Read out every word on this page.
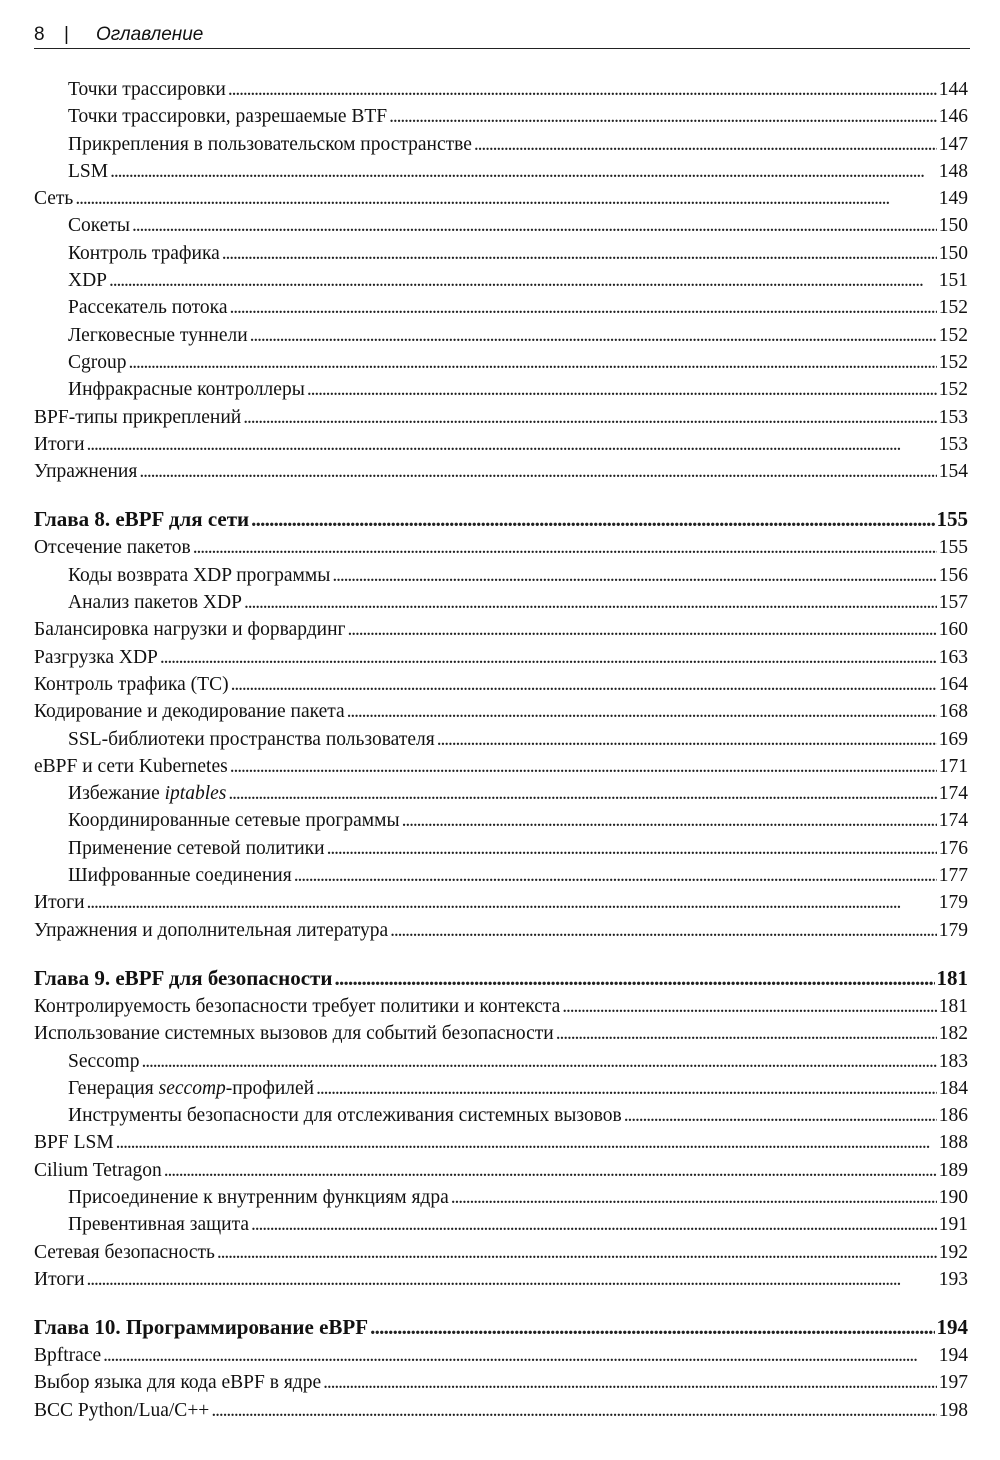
8 | Оглавление
Точки трассировки . . .	144
Точки трассировки, разрешаемые BTF . . .	146
Прикрепления в пользовательском пространстве . . .	147
LSM . . .	148
Сеть . . .	149
Сокеты . . .	150
Контроль трафика . . .	150
XDP . . .	151
Рассекатель потока . . .	152
Легковесные туннели . . .	152
Cgroup . . .	152
Инфракрасные контроллеры . . .	152
BPF-типы прикреплений . . .	153
Итоги . . .	153
Упражнения . . .	154
Глава 8. eBPF для сети . . .	155
Отсечение пакетов . . .	155
Коды возврата XDP программы . . .	156
Анализ пакетов XDP . . .	157
Балансировка нагрузки и форвардинг . . .	160
Разгрузка XDP . . .	163
Контроль трафика (TC) . . .	164
Кодирование и декодирование пакета . . .	168
SSL-библиотеки пространства пользователя . . .	169
eBPF и сети Kubernetes . . .	171
Избежание iptables . . .	174
Координированные сетевые программы . . .	174
Применение сетевой политики . . .	176
Шифрованные соединения . . .	177
Итоги . . .	179
Упражнения и дополнительная литература . . .	179
Глава 9. eBPF для безопасности . . .	181
Контролируемость безопасности требует политики и контекста . . .	181
Использование системных вызовов для событий безопасности . . .	182
Seccomp . . .	183
Генерация seccomp-профилей . . .	184
Инструменты безопасности для отслеживания системных вызовов . . .	186
BPF LSM . . .	188
Cilium Tetragon . . .	189
Присоединение к внутренним функциям ядра . . .	190
Превентивная защита . . .	191
Сетевая безопасность . . .	192
Итоги . . .	193
Глава 10. Программирование eBPF . . .	194
Bpftrace . . .	194
Выбор языка для кода eBPF в ядре . . .	197
BCC Python/Lua/C++ . . .	198
